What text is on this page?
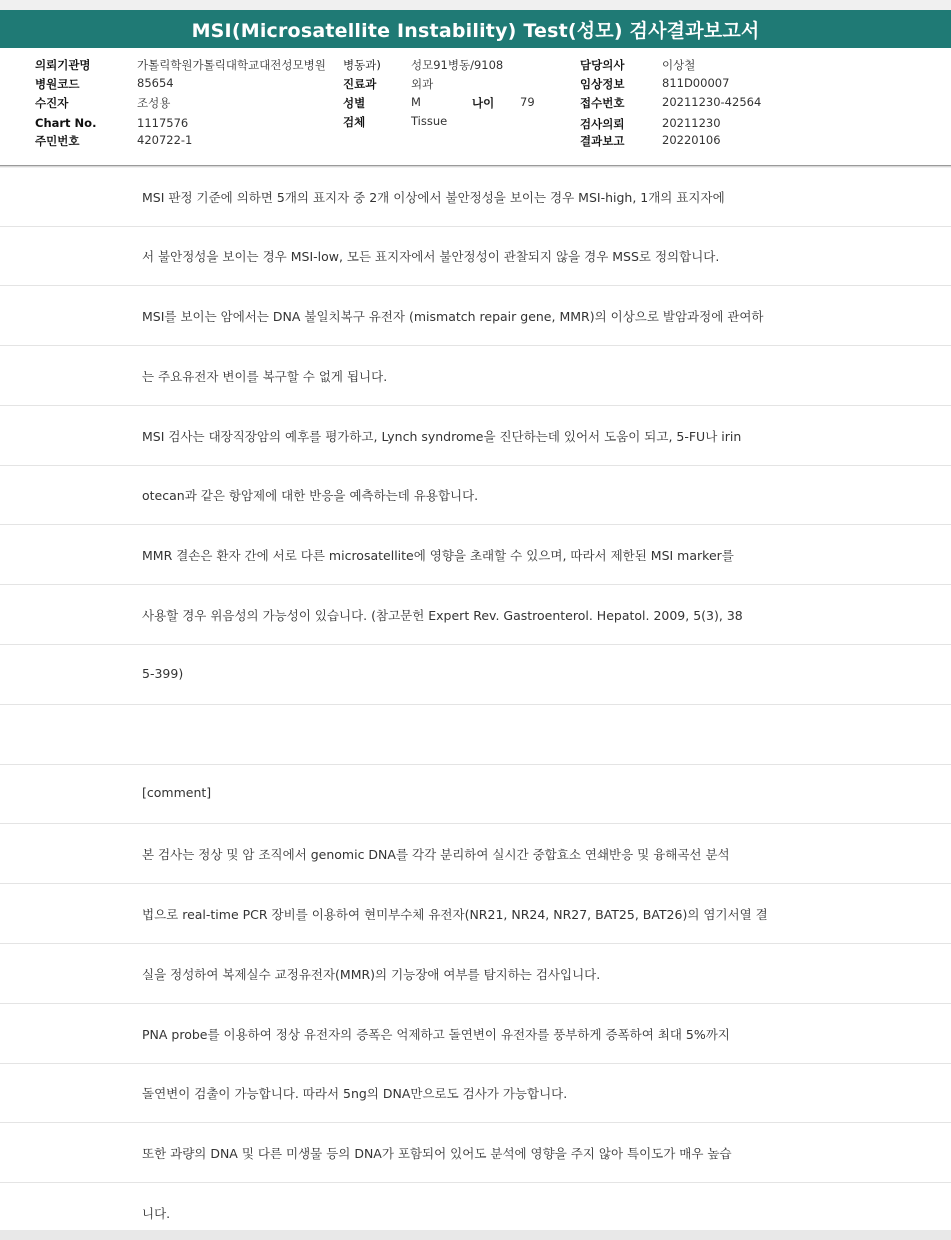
MSI(Microsatellite Instability) Test(성모) 검사결과보고서
의뢰기관명	가톨릭학원가톨릭대학교대전성모병원 병동과)	성모91병동/9108	담당의사	이상철
병원코드	85654	진료과	외과	임상정보	811D00007
수진자	조성용	성별	M	나이 79	접수번호	20211230-42564
Chart No.	1117576	검체	Tissue	검사의뢰	20211230
주민번호	420722-1	결과보고	20220106
MSI 판정 기준에 의하면 5개의 표지자 중 2개 이상에서 불안정성을 보이는 경우 MSI-high, 1개의 표지자에
서 불안정성을 보이는 경우 MSI-low, 모든 표지자에서 불안정성이 관찰되지 않을 경우 MSS로 정의합니다.
MSI를 보이는 암에서는 DNA 불일치복구 유전자 (mismatch repair gene, MMR)의 이상으로 발암과정에 관여하
는 주요유전자 변이를 복구할 수 없게 됩니다.
MSI 검사는 대장직장암의 예후를 평가하고, Lynch syndrome을 진단하는데 있어서 도움이 되고, 5-FU나 irin
otecan과 같은 항암제에 대한 반응을 예측하는데 유용합니다.
MMR 결손은 환자 간에 서로 다른 microsatellite에 영향을 초래할 수 있으며, 따라서 제한된 MSI marker를
사용할 경우 위음성의 가능성이 있습니다. (참고문헌 Expert Rev. Gastroenterol. Hepatol. 2009, 5(3), 38
5-399)
[comment]
본 검사는 정상 및 암 조직에서 genomic DNA를 각각 분리하여 실시간 중합효소 연쇄반응 및 융해곡선 분석
법으로 real-time PCR 장비를 이용하여 현미부수체 유전자(NR21, NR24, NR27, BAT25, BAT26)의 염기서열 결
실을 정성하여 복제실수 교정유전자(MMR)의 기능장애 여부를 탐지하는 검사입니다.
PNA probe를 이용하여 정상 유전자의 증폭은 억제하고 돌연변이 유전자를 풍부하게 증폭하여 최대 5%까지
돌연변이 검출이 가능합니다. 따라서 5ng의 DNA만으로도 검사가 가능합니다.
또한 과량의 DNA 및 다른 미생물 등의 DNA가 포함되어 있어도 분석에 영향을 주지 않아 특이도가 매우 높습
니다.
